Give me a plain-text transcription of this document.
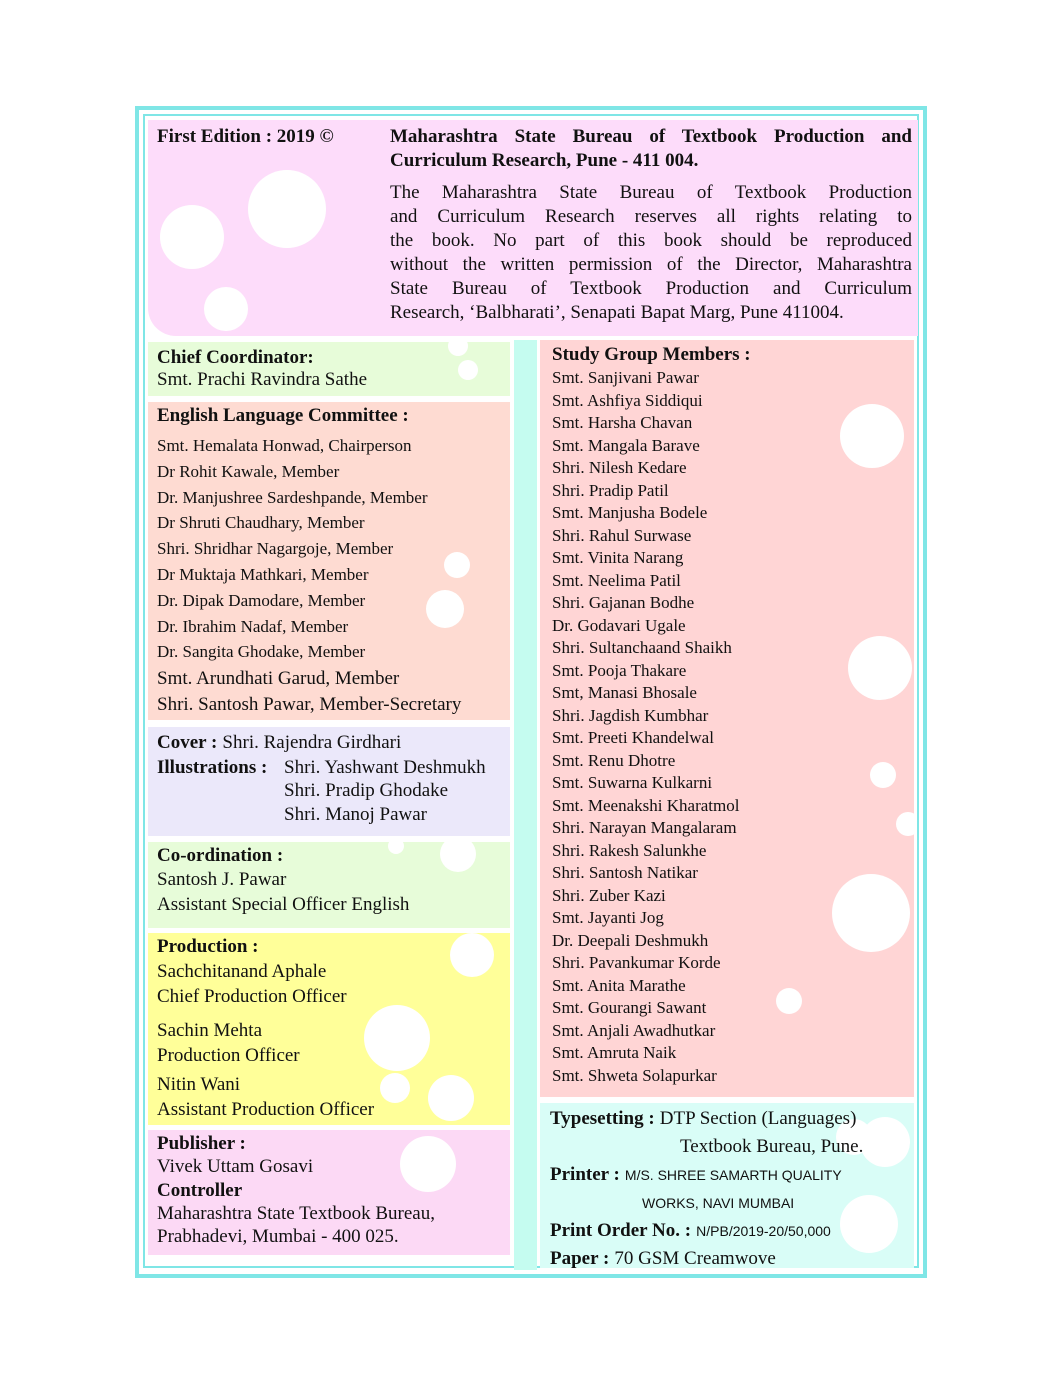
First Edition : 2019 ©	Maharashtra State Bureau of Textbook Production and
Curriculum Research, Pune - 411 004.
The Maharashtra State Bureau of Textbook Production
and Curriculum Research reserves all rights relating to
the book. No part of this book should be reproduced
without the written permission of the Director, Maharashtra
State Bureau of Textbook Production and Curriculum
Research, ‘Balbharati’, Senapati Bapat Marg, Pune 411004.
Chief Coordinator:
Smt. Prachi Ravindra Sathe
English Language Committee :
Smt. Hemalata Honwad, Chairperson
Dr Rohit Kawale, Member
Dr. Manjushree Sardeshpande, Member
Dr Shruti Chaudhary, Member
Shri. Shridhar Nagargoje, Member
Dr Muktaja Mathkari, Member
Dr. Dipak Damodare, Member
Dr. Ibrahim Nadaf, Member
Dr. Sangita Ghodake, Member
Smt. Arundhati Garud, Member
Shri. Santosh Pawar, Member-Secretary
Cover : Shri. Rajendra Girdhari
Illustrations : Shri. Yashwant Deshmukh
Shri. Pradip Ghodake
Shri. Manoj Pawar
Co-ordination :
Santosh J. Pawar
Assistant Special Officer English
Production :
Sachchitanand Aphale
Chief Production Officer
Sachin Mehta
Production Officer
Nitin Wani
Assistant Production Officer
Publisher :
Vivek Uttam Gosavi
Controller
Maharashtra State Textbook Bureau,
Prabhadevi, Mumbai - 400 025.
Study Group Members :
Smt. Sanjivani Pawar
Smt. Ashfiya Siddiqui
Smt. Harsha Chavan
Smt. Mangala Barave
Shri. Nilesh Kedare
Shri. Pradip Patil
Smt. Manjusha Bodele
Shri. Rahul Surwase
Smt. Vinita Narang
Smt. Neelima Patil
Shri. Gajanan Bodhe
Dr. Godavari Ugale
Shri. Sultanchaand Shaikh
Smt. Pooja Thakare
Smt, Manasi Bhosale
Shri. Jagdish Kumbhar
Smt. Preeti Khandelwal
Smt. Renu Dhotre
Smt. Suwarna Kulkarni
Smt. Meenakshi Kharatmol
Shri. Narayan Mangalaram
Shri. Rakesh Salunkhe
Shri. Santosh Natikar
Shri. Zuber Kazi
Smt. Jayanti Jog
Dr. Deepali Deshmukh
Shri. Pavankumar Korde
Smt. Anita Marathe
Smt. Gourangi Sawant
Smt. Anjali Awadhutkar
Smt. Amruta Naik
Smt. Shweta Solapurkar
Typesetting : DTP Section (Languages)
Textbook Bureau, Pune.
Printer : M/S. SHREE SAMARTH QUALITY
WORKS, NAVI MUMBAI
Print Order No. : N/PB/2019-20/50,000
Paper : 70 GSM Creamwove
